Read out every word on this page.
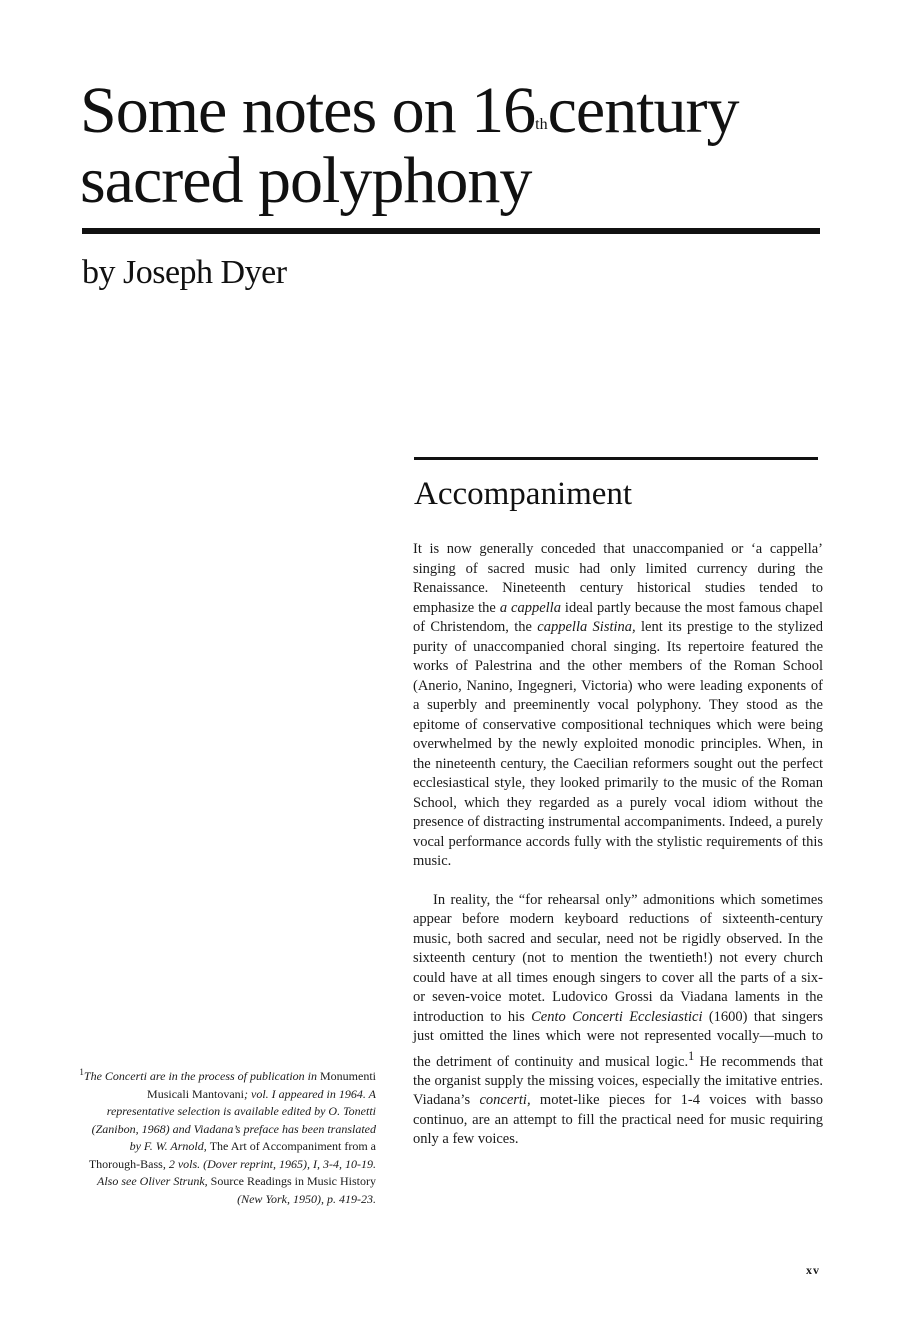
Some notes on 16thcentury
sacred polyphony
by Joseph Dyer
Accompaniment

It is now generally conceded that unaccompanied or ‘a cappella’ singing of sacred music had only limited currency during the Renaissance. Nineteenth century historical studies tended to emphasize the a cappella ideal partly because the most famous chapel of Christendom, the cappella Sistina, lent its prestige to the stylized purity of unaccompanied choral singing. Its repertoire featured the works of Palestrina and the other members of the Roman School (Anerio, Nanino, Ingegneri, Victoria) who were leading exponents of a superbly and preeminently vocal polyphony. They stood as the epitome of conservative compositional techniques which were being overwhelmed by the newly exploited monodic principles. When, in the nineteenth century, the Caecilian reformers sought out the perfect ecclesiastical style, they looked primarily to the music of the Roman School, which they regarded as a purely vocal idiom without the presence of distracting instrumental accompaniments. Indeed, a purely vocal performance accords fully with the stylistic requirements of this music.

In reality, the “for rehearsal only” admonitions which sometimes appear before modern keyboard reductions of sixteenth-century music, both sacred and secular, need not be rigidly observed. In the sixteenth century (not to mention the twentieth!) not every church could have at all times enough singers to cover all the parts of a six- or seven-voice motet. Ludovico Grossi da Viadana laments in the introduction to his Cento Concerti Ecclesiastici (1600) that singers just omitted the lines which were not represented vocally—much to the detriment of continuity and musical logic.$^1$ He recommends that the organist supply the missing voices, especially the imitative entries. Viadana’s concerti, motet-like pieces for 1-4 voices with basso continuo, are an attempt to fill the practical need for music requiring only a few voices.

$^1$The Concerti are in the process of publication in Monumenti Musicali Mantovani; vol. I appeared in 1964. A representative selection is available edited by O. Tonetti (Zanibon, 1968) and Viadana’s preface has been translated by F. W. Arnold, The Art of Accompaniment from a Thorough-Bass, 2 vols. (Dover reprint, 1965), I, 3-4, 10-19. Also see Oliver Strunk, Source Readings in Music History (New York, 1950), p. 419-23.
xv
